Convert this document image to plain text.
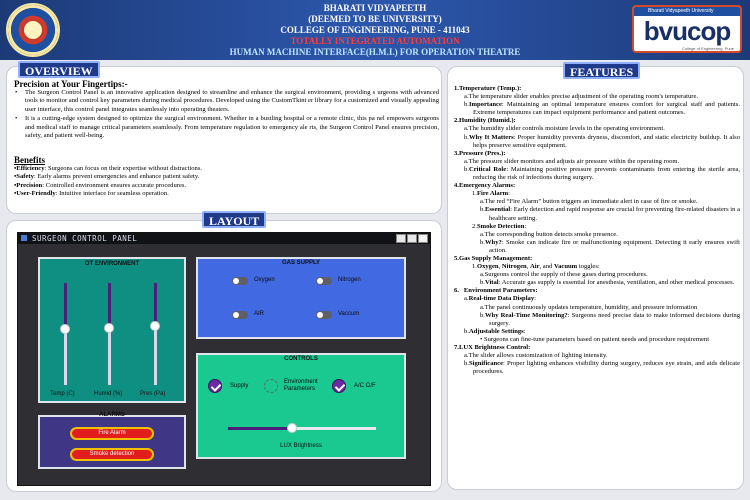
BHARATI VIDYAPEETH
(DEEMED TO BE UNIVERSITY)
COLLEGE OF ENGINEERING, PUNE - 411043
TOTALLY INTEGRATED AUTOMATION
HUMAN MACHINE INTERFACE(H.M.I.) FOR OPERATION THEATRE
Bharati Vidyapeeth University
bvucop
College of Engineering, Pune
Precision at Your Fingertips:-
• The Surgeon Control Panel is an innovative application designed to streamline and enhance the surgical environment, providing s urgeons with advanced tools to monitor and control key parameters during medical procedures. Developed using the CustomTkint er library for a customized and visually appealing user interface, this control panel integrates seamlessly into operating theaters.
• It is a cutting-edge system designed to optimize the surgical environment. Whether in a bustling hospital or a remote clinic, this pa nel empowers surgeons and medical staff to manage critical parameters seamlessly. From temperature regulation to emergency ale rts, the Surgeon Control Panel ensures precision, safety, and patient well-being.
Benefits
•Efficiency: Surgeons can focus on their expertise without distractions.
•Safety: Early alarms prevent emergencies and enhance patient safety.
•Precision: Controlled environment ensures accurate procedures.
•User-Friendly: Intuitive interface for seamless operation.
OVERVIEW
1.Temperature (Temp.):
a.The temperature slider enables precise adjustment of the operating room's temperature.
b.Importance: Maintaining an optimal temperature ensures comfort for surgical staff and patients. Extreme temperatures can impact equipment performance and patient outcomes.
2.Humidity (Humid.):
a.The humidity slider controls moisture levels in the operating environment.
b.Why It Matters: Proper humidity prevents dryness, discomfort, and static electricity buildup. It also helps preserve sensitive equipment.
3.Pressure (Pres.):
a.The pressure slider monitors and adjusts air pressure within the operating room.
b.Critical Role: Maintaining positive pressure prevents contaminants from entering the sterile area, reducing the risk of infections during surgery.
4.Emergency Alarms:
1.Fire Alarm:
a.The red “Fire Alarm” button triggers an immediate alert in case of fire or smoke.
b.Essential: Early detection and rapid response are crucial for preventing fire-related disasters in a healthcare setting.
2.Smoke Detection:
a.The corresponding button detects smoke presence.
b.Why?: Smoke can indicate fire or malfunctioning equipment. Detecting it early ensures swift action.
5.Gas Supply Management:
1.Oxygen, Nitrogen, Air, and Vacuum toggles:
a.Surgeons control the supply of these gases during procedures.
b.Vital: Accurate gas supply is essential for anesthesia, ventilation, and other medical processes.
6.   Environment Parameters:
a.Real-time Data Display:
a.The panel continuously updates temperature, humidity, and pressure information
b.Why Real-Time Monitoring?: Surgeons need precise data to make informed decisions during surgery.
b.Adjustable Settings:
• Surgeons can fine-tune parameters based on patient needs and procedure requirement
7.LUX Brightness Control:
a.The slider allows customization of lighting intensity.
b.Significance: Proper lighting enhances visibility during surgery, reduces eye strain, and aids delicate procedures.
FEATURES
LAYOUT
SURGEON CONTROL PANEL
OT ENVIRONMENT
Temp (C)	Humid (%)	Pres (Pa)
GAS SUPPLY
Oxygen	Nitrogen
AIR	Vaccum
CONTROLS
Supply
Environment Parameters	A/C O/F
LUX Brightness
ALARMS
Fire Alarm
Smoke detection
